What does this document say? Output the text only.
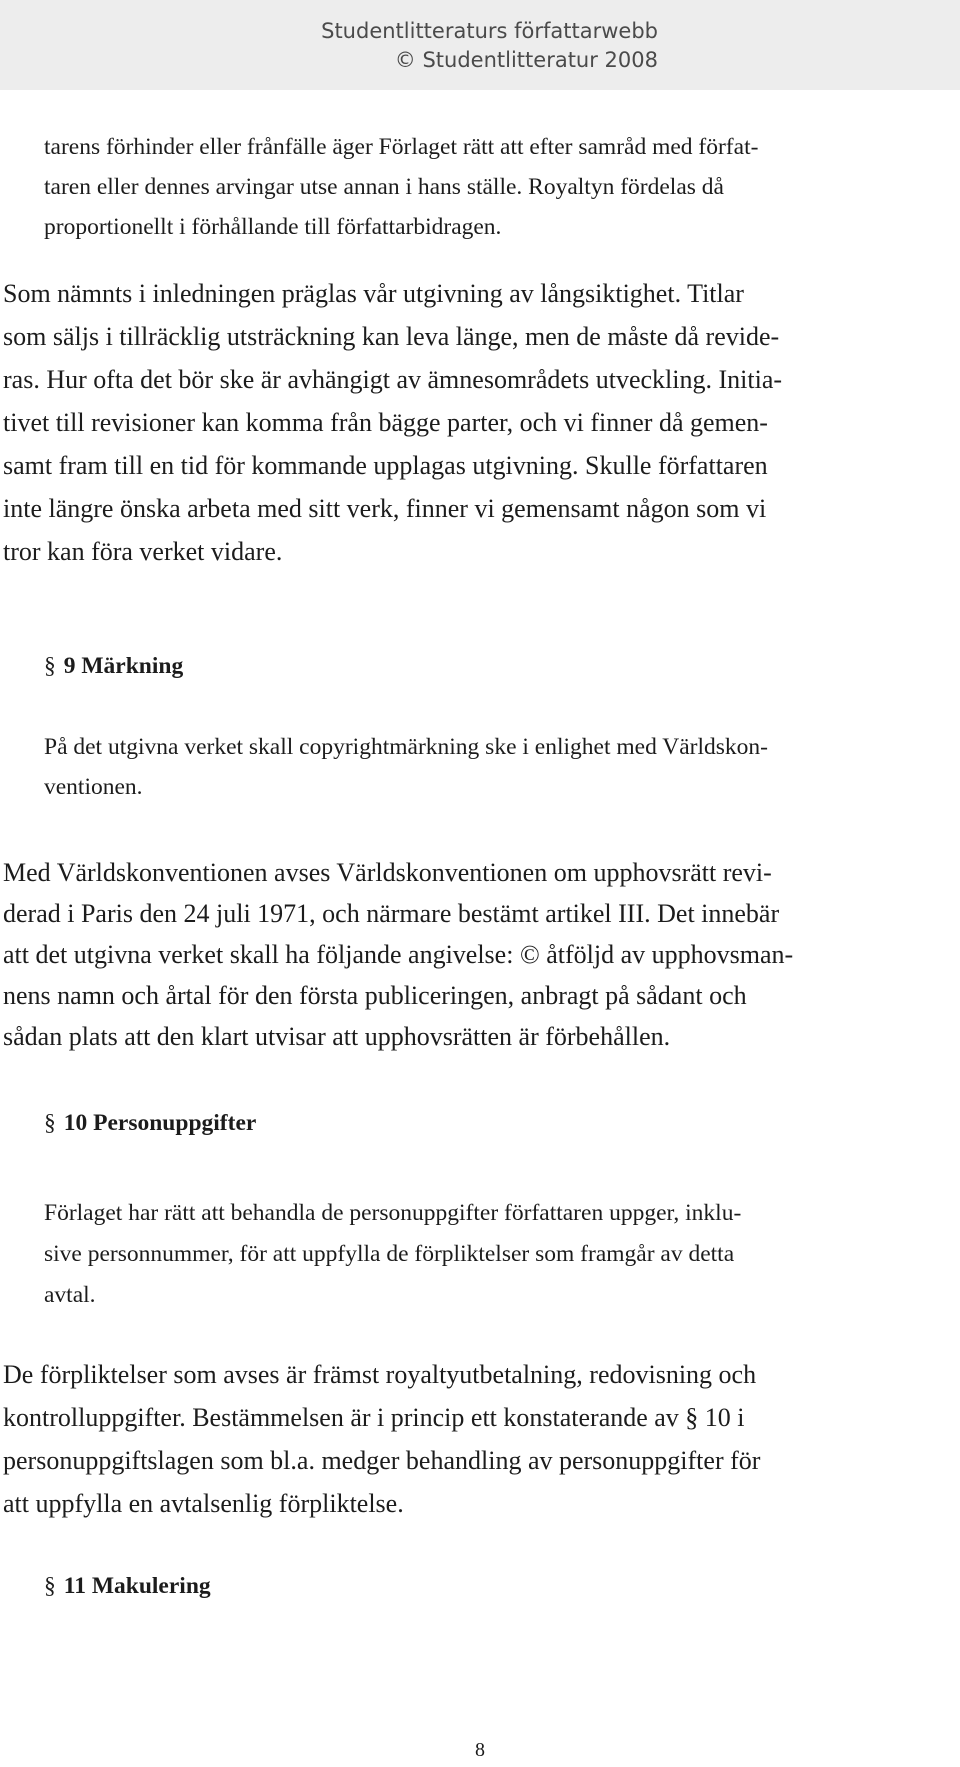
Studentlitteraturs författarwebb
© Studentlitteratur 2008

tarens förhinder eller frånfälle äger Förlaget rätt att efter samråd med förfat-
taren eller dennes arvingar utse annan i hans ställe. Royaltyn fördelas då
proportionellt i förhållande till författarbidragen.

Som nämnts i inledningen präglas vår utgivning av långsiktighet. Titlar
som säljs i tillräcklig utsträckning kan leva länge, men de måste då revide-
ras. Hur ofta det bör ske är avhängigt av ämnesområdets utveckling. Initia-
tivet till revisioner kan komma från bägge parter, och vi finner då gemen-
samt fram till en tid för kommande upplagas utgivning. Skulle författaren
inte längre önska arbeta med sitt verk, finner vi gemensamt någon som vi
tror kan föra verket vidare.

§ 9 Märkning

På det utgivna verket skall copyrightmärkning ske i enlighet med Världskon-
ventionen.

Med Världskonventionen avses Världskonventionen om upphovsrätt revi-
derad i Paris den 24 juli 1971, och närmare bestämt artikel III. Det innebär
att det utgivna verket skall ha följande angivelse: © åtföljd av upphovsman-
nens namn och årtal för den första publiceringen, anbragt på sådant och
sådan plats att den klart utvisar att upphovsrätten är förbehållen.

§ 10 Personuppgifter

Förlaget har rätt att behandla de personuppgifter författaren uppger, inklu-
sive personnummer, för att uppfylla de förpliktelser som framgår av detta
avtal.

De förpliktelser som avses är främst royaltyutbetalning, redovisning och
kontrolluppgifter. Bestämmelsen är i princip ett konstaterande av § 10 i
personuppgiftslagen som bl.a. medger behandling av personuppgifter för
att uppfylla en avtalsenlig förpliktelse.

§ 11 Makulering
8
